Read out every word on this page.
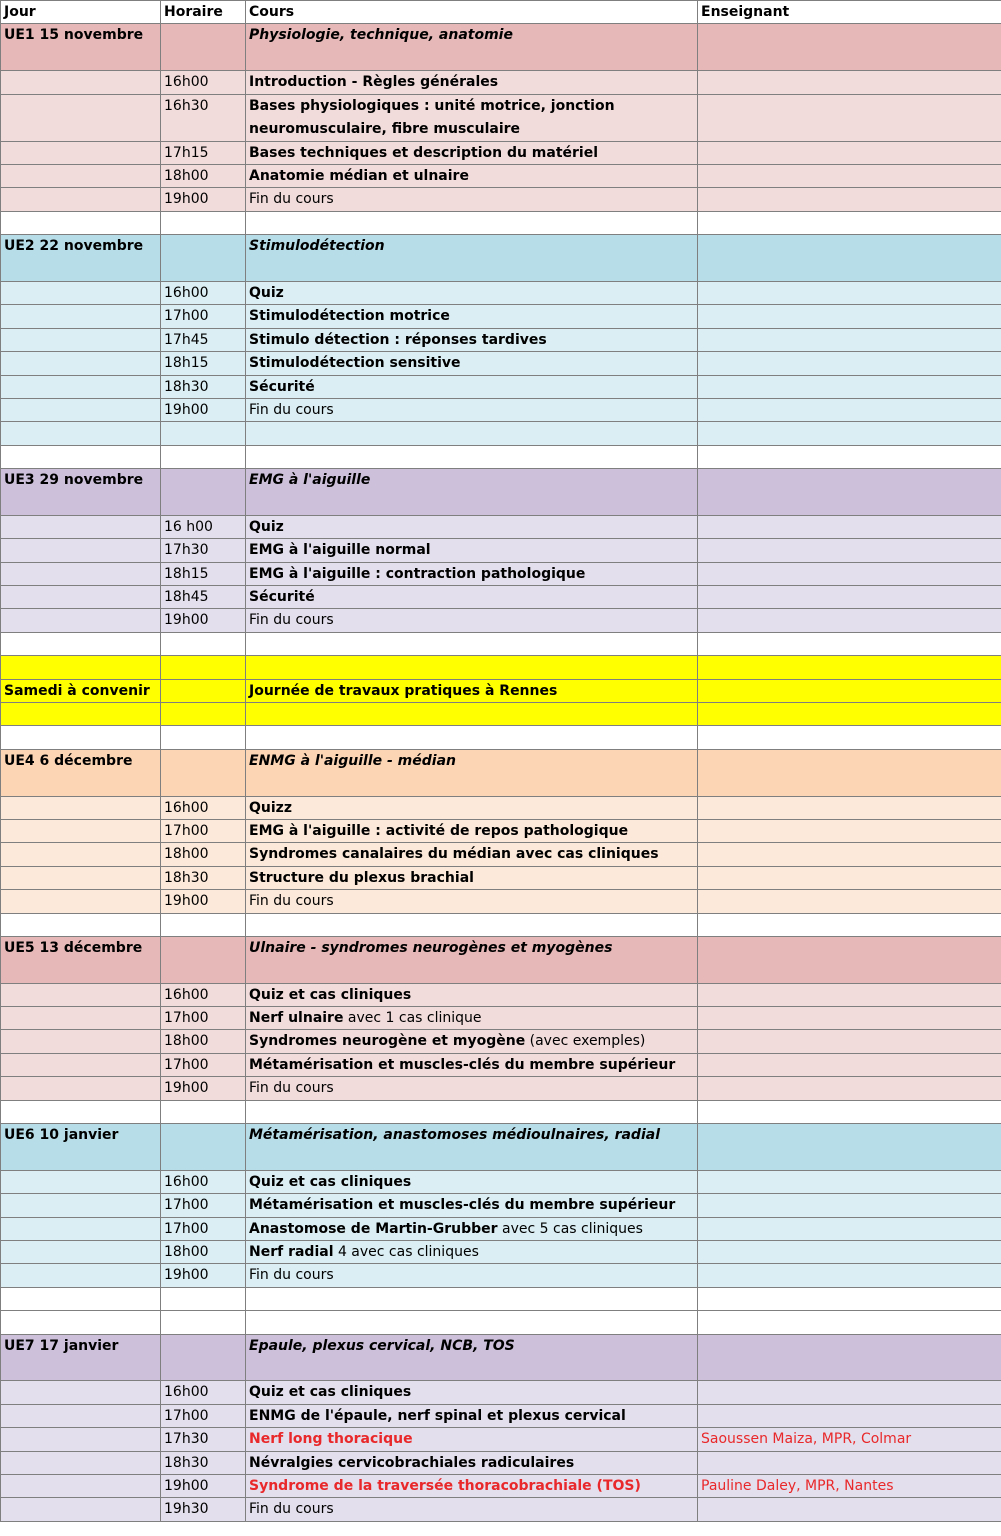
Jour	Horaire	Cours	Enseignant
UE1 15 novembre		Physiologie, technique, anatomie	
	16h00	Introduction - Règles générales	
	16h30	Bases physiologiques : unité motrice, jonction neuromusculaire, fibre musculaire	
	17h15	Bases techniques et description du matériel	
	18h00	Anatomie médian et ulnaire	
	19h00	Fin du cours	

UE2 22 novembre		Stimulodétection	
	16h00	Quiz	
	17h00	Stimulodétection motrice	
	17h45	Stimulo détection : réponses tardives	
	18h15	Stimulodétection sensitive	
	18h30	Sécurité	
	19h00	Fin du cours	

UE3 29 novembre		EMG à l'aiguille	
	16 h00	Quiz	
	17h30	EMG à l'aiguille normal	
	18h15	EMG à l'aiguille : contraction pathologique	
	18h45	Sécurité	
	19h00	Fin du cours	

Samedi à convenir		Journée de travaux pratiques à Rennes	

UE4 6 décembre		ENMG à l'aiguille - médian	
	16h00	Quizz	
	17h00	EMG à l'aiguille : activité de repos pathologique	
	18h00	Syndromes canalaires du médian avec cas cliniques	
	18h30	Structure du plexus brachial	
	19h00	Fin du cours	

UE5 13 décembre		Ulnaire - syndromes neurogènes et myogènes	
	16h00	Quiz et cas cliniques	
	17h00	Nerf ulnaire avec 1 cas clinique	
	18h00	Syndromes neurogène et myogène (avec exemples)	
	17h00	Métamérisation et muscles-clés du membre supérieur	
	19h00	Fin du cours	

UE6 10 janvier		Métamérisation, anastomoses médioulnaires, radial	
	16h00	Quiz et cas cliniques	
	17h00	Métamérisation et muscles-clés du membre supérieur	
	17h00	Anastomose de Martin-Grubber avec 5 cas cliniques	
	18h00	Nerf radial 4 avec cas cliniques	
	19h00	Fin du cours	

UE7 17 janvier		Epaule, plexus cervical, NCB, TOS	
	16h00	Quiz et cas cliniques	
	17h00	ENMG de l'épaule, nerf spinal et plexus cervical	
	17h30	Nerf long thoracique	Saoussen Maiza, MPR, Colmar
	18h30	Névralgies cervicobrachiales radiculaires	
	19h00	Syndrome de la traversée thoracobrachiale (TOS)	Pauline Daley, MPR, Nantes
	19h30	Fin du cours	
